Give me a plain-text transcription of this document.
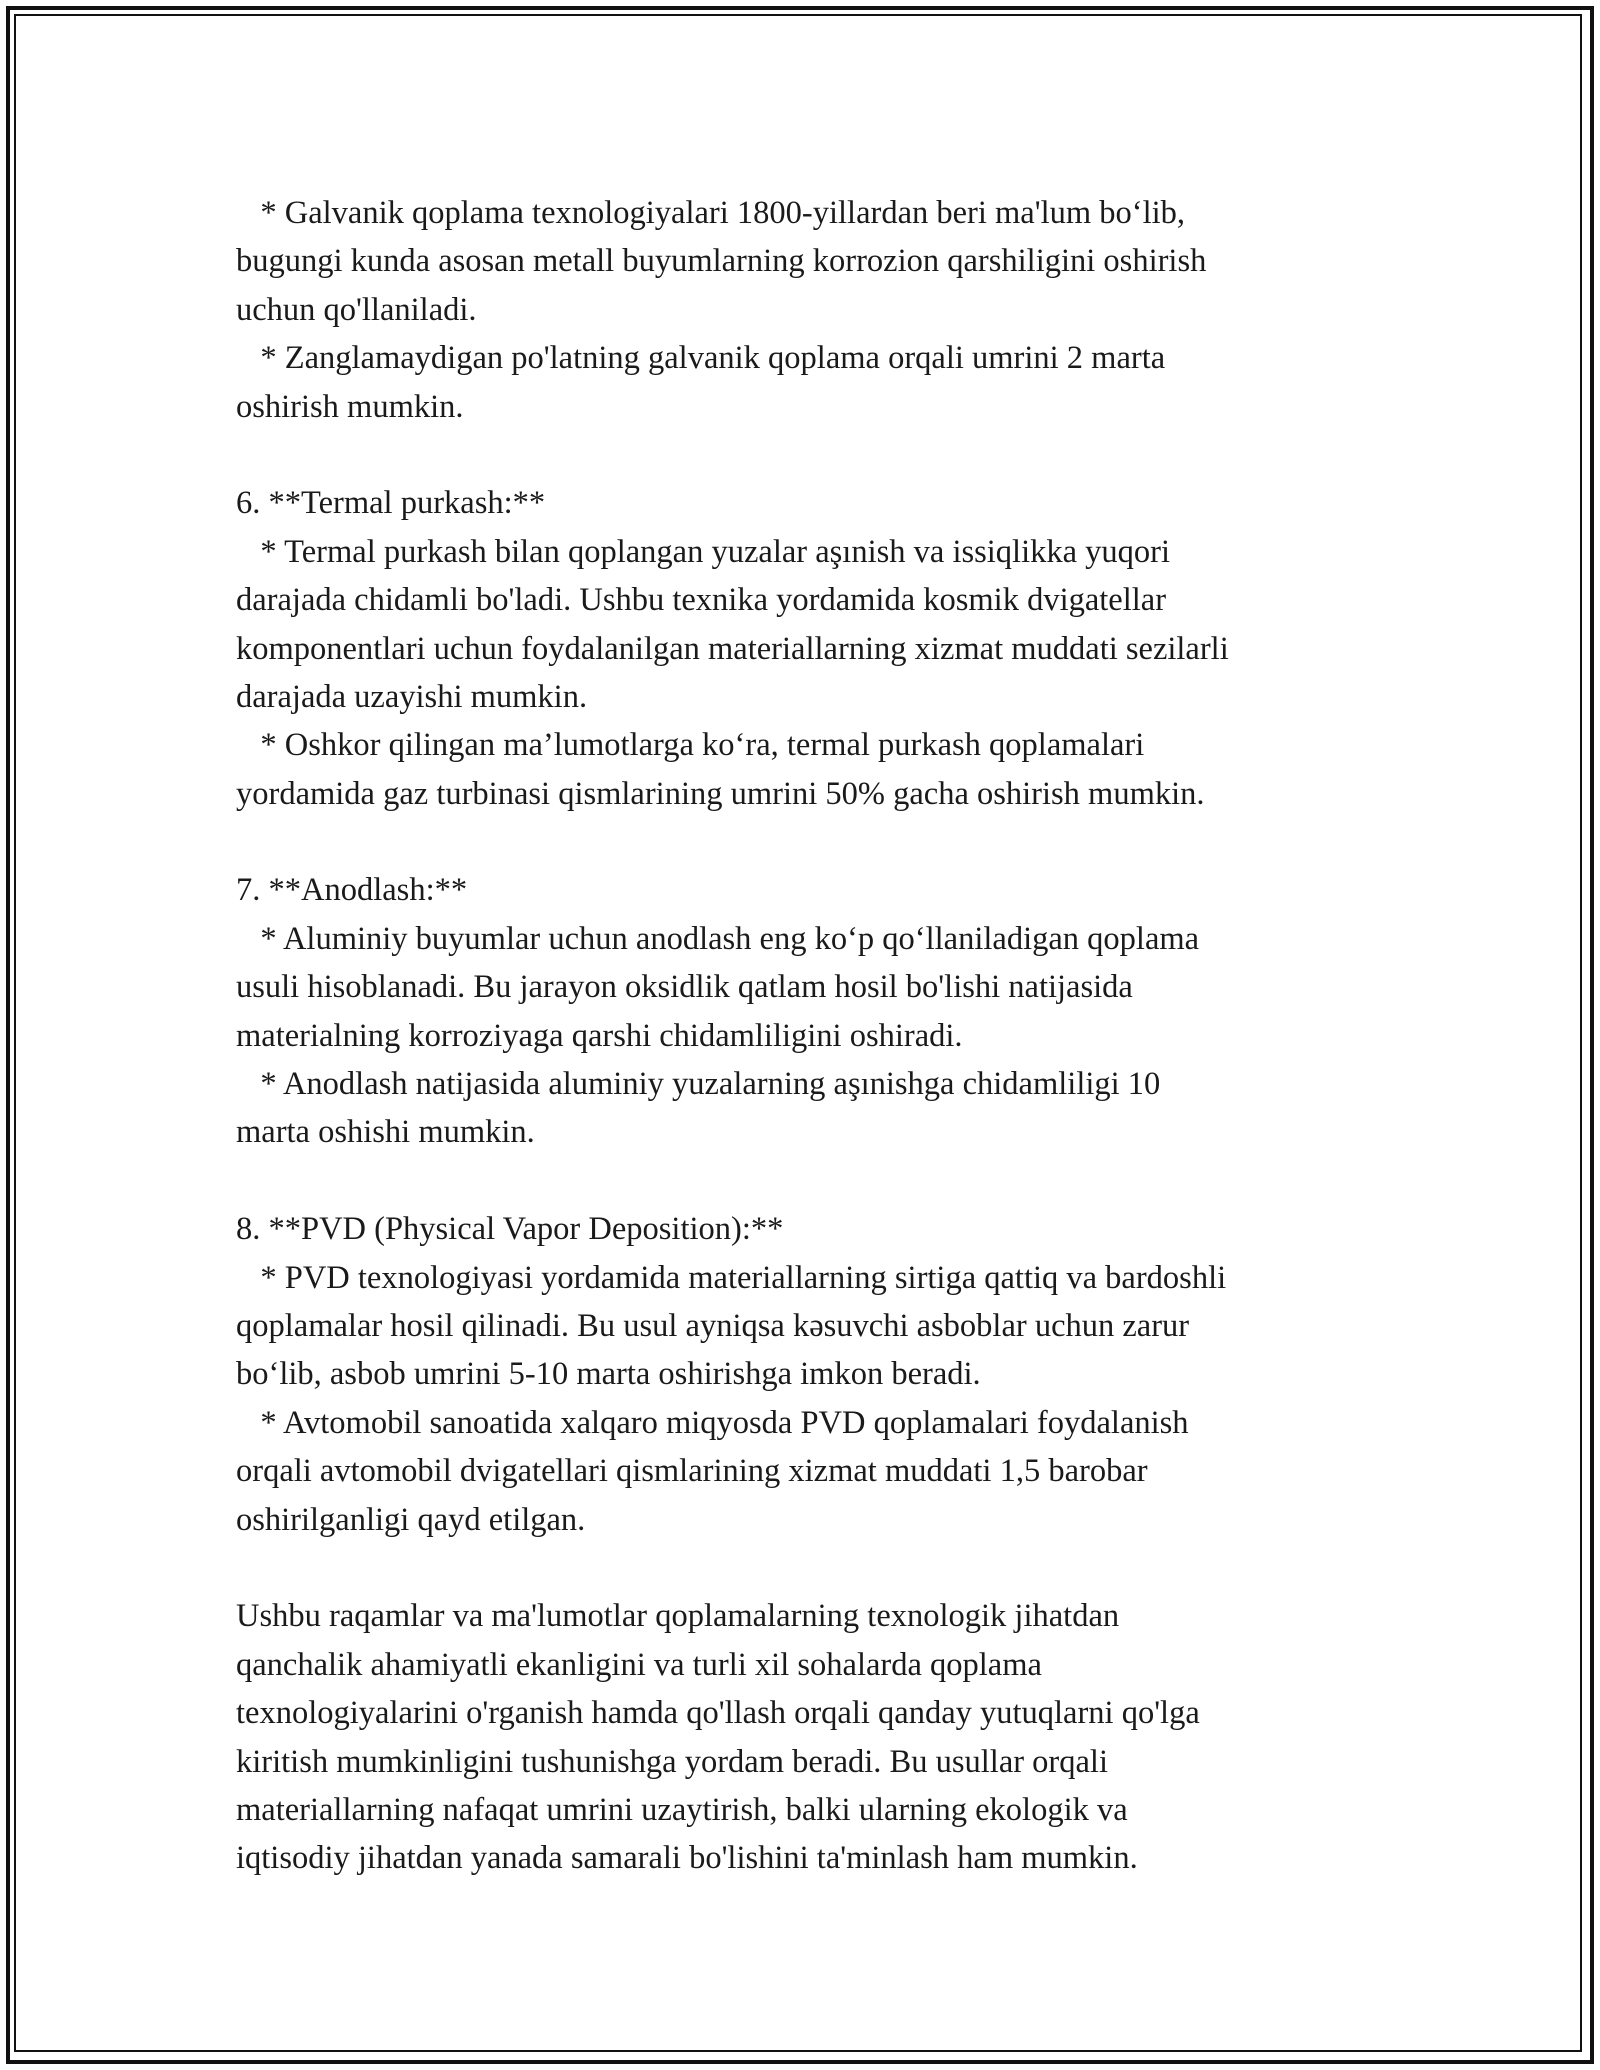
* Galvanik qoplama texnologiyalari 1800-yillardan beri ma'lum bo‘lib,
bugungi kunda asosan metall buyumlarning korrozion qarshiligini oshirish
uchun qo'llaniladi.
* Zanglamaydigan po'latning galvanik qoplama orqali umrini 2 marta
oshirish mumkin.
6. **Termal purkash:**
* Termal purkash bilan qoplangan yuzalar aşınish va issiqlikka yuqori
darajada chidamli bo'ladi. Ushbu texnika yordamida kosmik dvigatellar
komponentlari uchun foydalanilgan materiallarning xizmat muddati sezilarli
darajada uzayishi mumkin.
* Oshkor qilingan ma’lumotlarga ko‘ra, termal purkash qoplamalari
yordamida gaz turbinasi qismlarining umrini 50% gacha oshirish mumkin.
7. **Anodlash:**
* Aluminiy buyumlar uchun anodlash eng ko‘p qo‘llaniladigan qoplama
usuli hisoblanadi. Bu jarayon oksidlik qatlam hosil bo'lishi natijasida
materialning korroziyaga qarshi chidamliligini oshiradi.
* Anodlash natijasida aluminiy yuzalarning aşınishga chidamliligi 10
marta oshishi mumkin.
8. **PVD (Physical Vapor Deposition):**
* PVD texnologiyasi yordamida materiallarning sirtiga qattiq va bardoshli
qoplamalar hosil qilinadi. Bu usul ayniqsa kəsuvchi asboblar uchun zarur
bo‘lib, asbob umrini 5-10 marta oshirishga imkon beradi.
* Avtomobil sanoatida xalqaro miqyosda PVD qoplamalari foydalanish
orqali avtomobil dvigatellari qismlarining xizmat muddati 1,5 barobar
oshirilganligi qayd etilgan.
Ushbu raqamlar va ma'lumotlar qoplamalarning texnologik jihatdan
qanchalik ahamiyatli ekanligini va turli xil sohalarda qoplama
texnologiyalarini o'rganish hamda qo'llash orqali qanday yutuqlarni qo'lga
kiritish mumkinligini tushunishga yordam beradi. Bu usullar orqali
materiallarning nafaqat umrini uzaytirish, balki ularning ekologik va
iqtisodiy jihatdan yanada samarali bo'lishini ta'minlash ham mumkin.
